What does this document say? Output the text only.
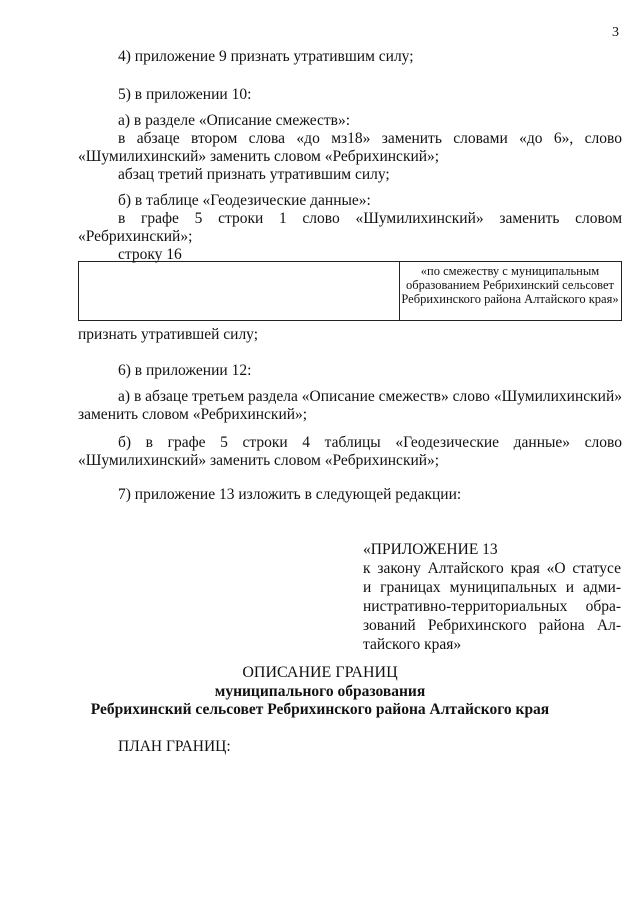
3
4) приложение 9 признать утратившим силу;
5) в приложении 10:
а) в разделе «Описание смежеств»:
в абзаце втором слова «до мз18» заменить словами «до 6», слово
«Шумилихинский» заменить словом «Ребрихинский»;
абзац третий признать утратившим силу;
б) в таблице «Геодезические данные»:
в графе 5 строки 1 слово «Шумилихинский» заменить словом
«Ребрихинский»;
строку 16
«по смежеству с муниципальным образованием Ребрихинский сельсовет Ребрихинского района Алтайского края»
признать утратившей силу;
6) в приложении 12:
а) в абзаце третьем раздела «Описание смежеств» слово «Шумилихинский»
заменить словом «Ребрихинский»;
б) в графе 5 строки 4 таблицы «Геодезические данные» слово
«Шумилихинский» заменить словом «Ребрихинский»;
7) приложение 13 изложить в следующей редакции:
«ПРИЛОЖЕНИЕ 13
к закону Алтайского края «О статусе
и границах муниципальных и адми-
нистративно-территориальных обра-
зований Ребрихинского района Ал-
тайского края»
ОПИСАНИЕ ГРАНИЦ
муниципального образования
Ребрихинский сельсовет Ребрихинского района Алтайского края
ПЛАН ГРАНИЦ:
